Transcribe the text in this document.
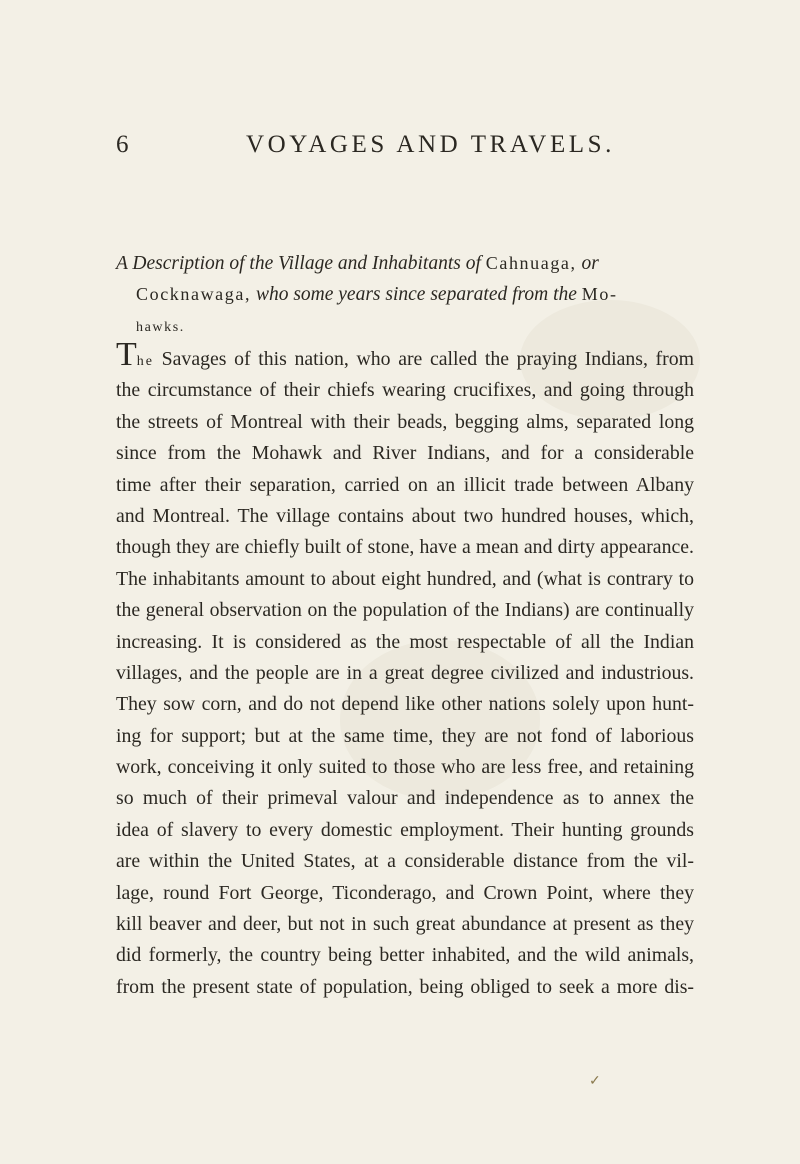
6	VOYAGES AND TRAVELS.
A Description of the Village and Inhabitants of Cahnuaga, or
Cocknawaga, who some years since separated from the Mo-
hawks.
The Savages of this nation, who are called the praying Indians, from
the circumstance of their chiefs wearing crucifixes, and going through
the streets of Montreal with their beads, begging alms, separated long
since from the Mohawk and River Indians, and for a considerable
time after their separation, carried on an illicit trade between Albany
and Montreal. The village contains about two hundred houses, which,
though they are chiefly built of stone, have a mean and dirty appearance.
The inhabitants amount to about eight hundred, and (what is contrary to
the general observation on the population of the Indians) are continually
increasing. It is considered as the most respectable of all the Indian
villages, and the people are in a great degree civilized and industrious.
They sow corn, and do not depend like other nations solely upon hunt-
ing for support; but at the same time, they are not fond of laborious
work, conceiving it only suited to those who are less free, and retaining
so much of their primeval valour and independence as to annex the
idea of slavery to every domestic employment. Their hunting grounds
are within the United States, at a considerable distance from the vil-
lage, round Fort George, Ticonderago, and Crown Point, where they
kill beaver and deer, but not in such great abundance at present as they
did formerly, the country being better inhabited, and the wild animals,
from the present state of population, being obliged to seek a more dis-
✓
